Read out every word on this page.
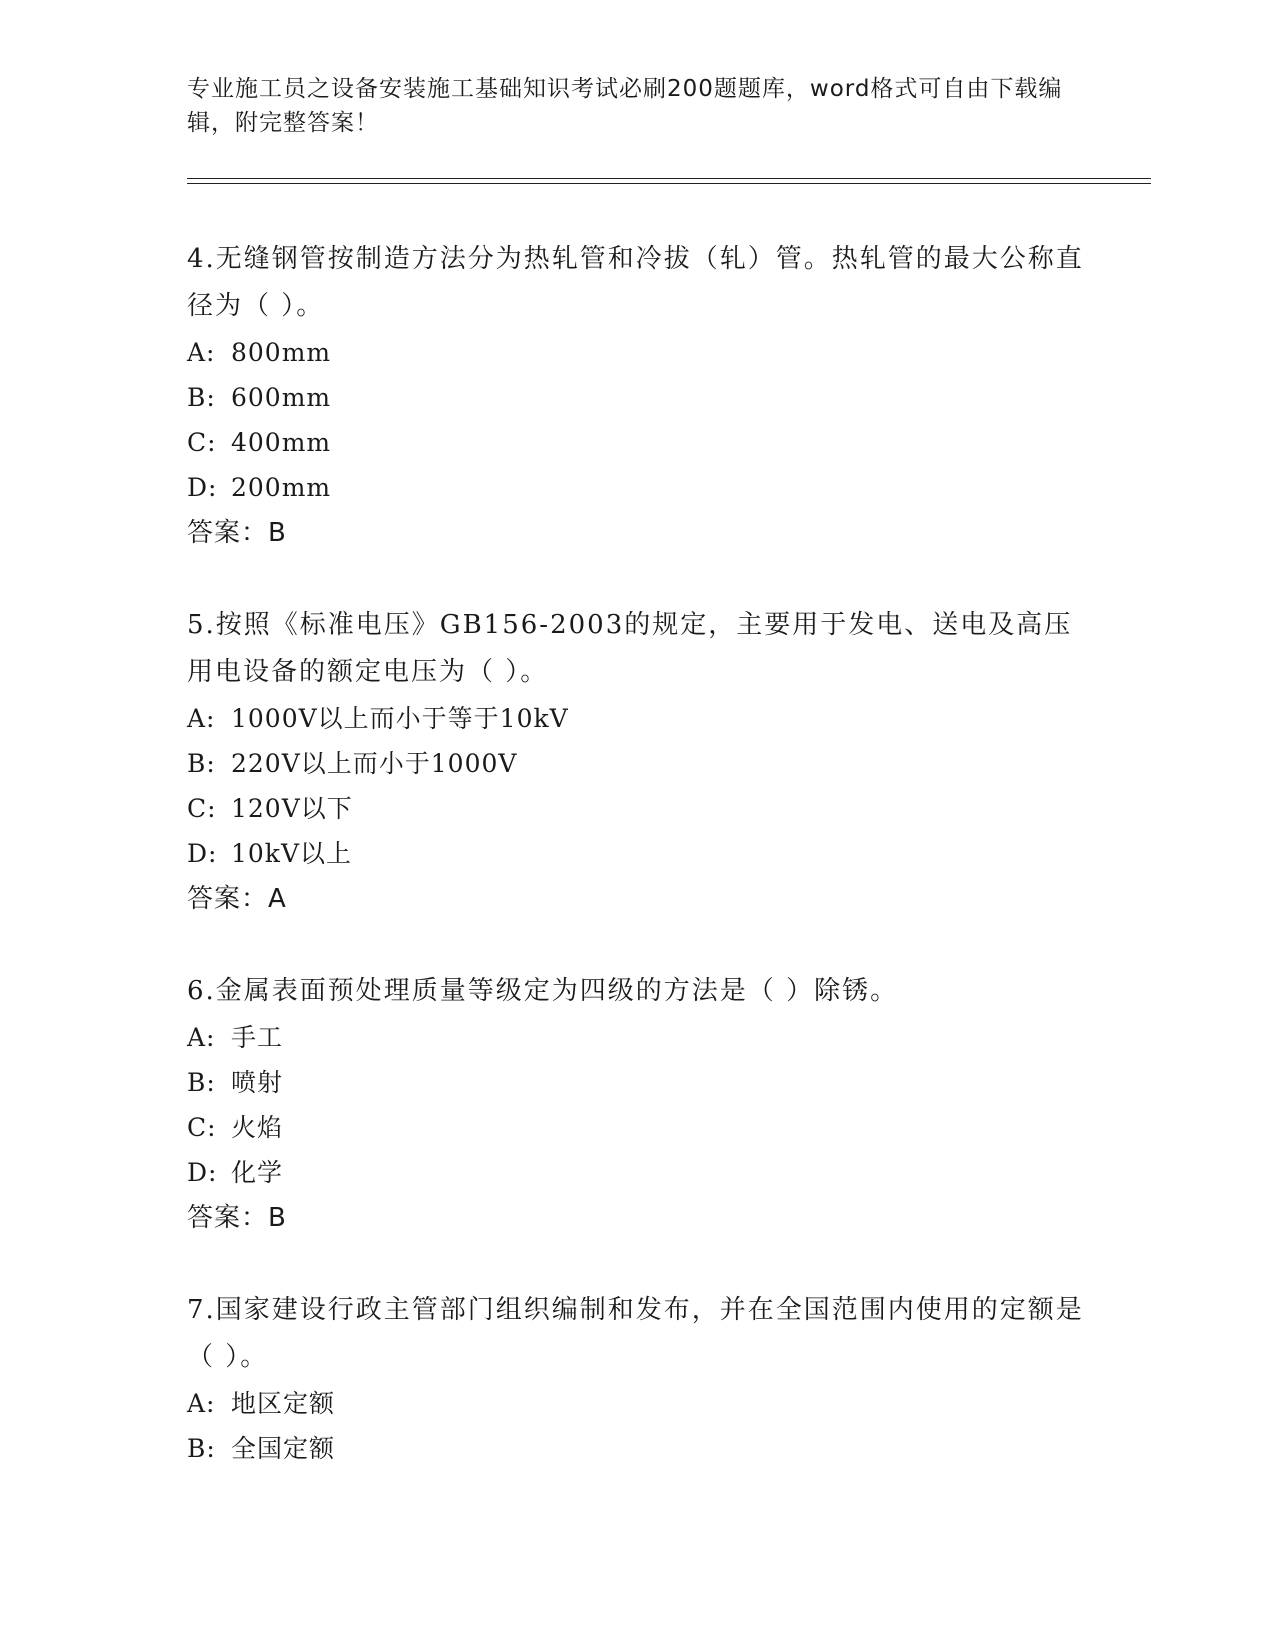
专业施工员之设备安装施工基础知识考试必刷200题题库，word格式可自由下载编辑，附完整答案！

4.无缝钢管按制造方法分为热轧管和冷拔（轧）管。热轧管的最大公称直径为（ ）。

A: 800mm

B: 600mm

C: 400mm

D: 200mm

答案：B

5.按照《标准电压》GB156-2003的规定，主要用于发电、送电及高压用电设备的额定电压为（ ）。

A: 1000V以上而小于等于10kV

B: 220V以上而小于1000V

C: 120V以下

D: 10kV以上

答案：A

6.金属表面预处理质量等级定为四级的方法是（ ）除锈。

A: 手工

B: 喷射

C: 火焰

D: 化学

答案：B

7.国家建设行政主管部门组织编制和发布，并在全国范围内使用的定额是（ ）。

A: 地区定额

B: 全国定额
